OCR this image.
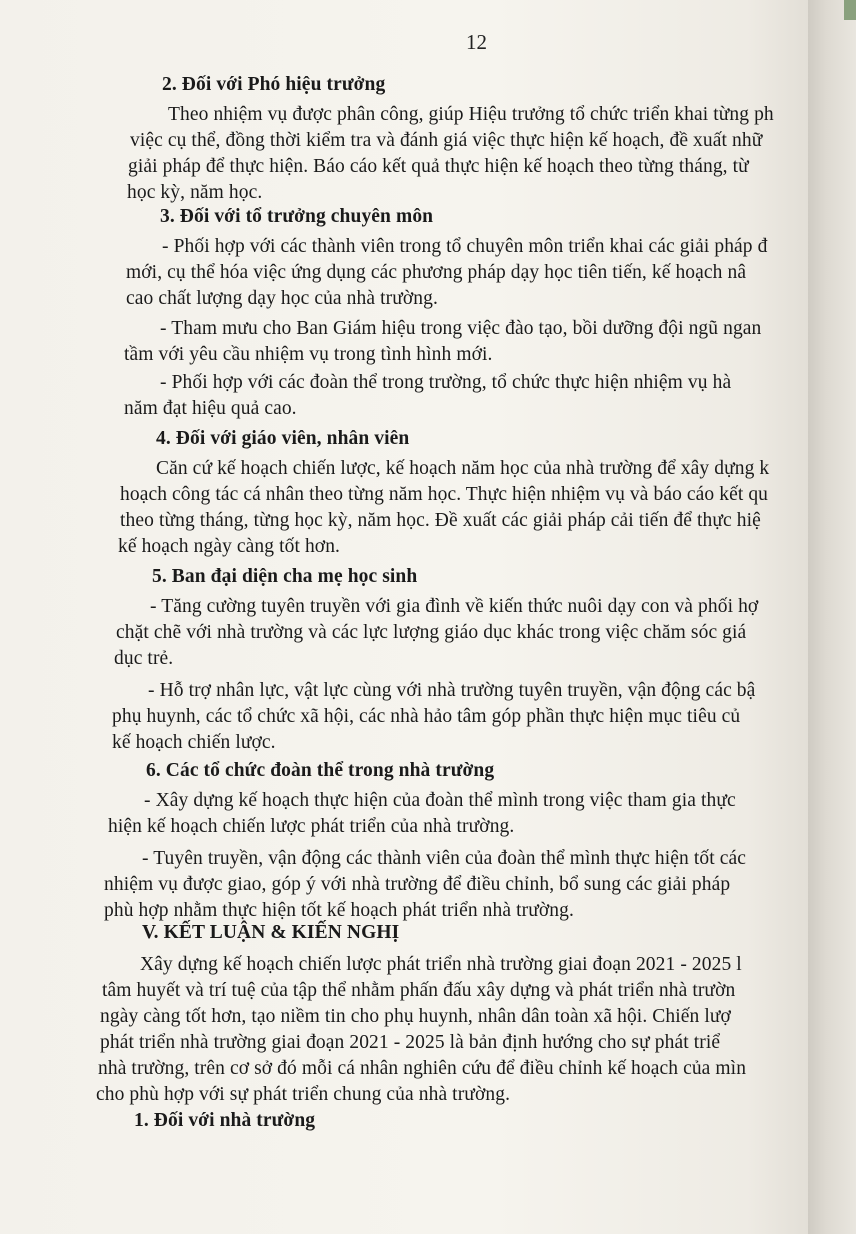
12
2. Đối với Phó hiệu trưởng
Theo nhiệm vụ được phân công, giúp Hiệu trưởng tổ chức triển khai từng ph
việc cụ thể, đồng thời kiểm tra và đánh giá việc thực hiện kế hoạch, đề xuất nhữ
giải pháp để thực hiện. Báo cáo kết quả thực hiện kế hoạch theo từng tháng, từ
học kỳ, năm học.
3. Đối với tổ trưởng chuyên môn
- Phối hợp với các thành viên trong tổ chuyên môn triển khai các giải pháp đ
mới, cụ thể hóa việc ứng dụng các phương pháp dạy học tiên tiến, kế hoạch nâ
cao chất lượng dạy học của nhà trường.
- Tham mưu cho Ban Giám hiệu trong việc đào tạo, bồi dưỡng đội ngũ ngan
tầm với yêu cầu nhiệm vụ trong tình hình mới.
- Phối hợp với các đoàn thể trong trường, tổ chức thực hiện nhiệm vụ hà
năm đạt hiệu quả cao.
4. Đối với giáo viên, nhân viên
Căn cứ kế hoạch chiến lược, kế hoạch năm học của nhà trường để xây dựng k
hoạch công tác cá nhân theo từng năm học. Thực hiện nhiệm vụ và báo cáo kết qu
theo từng tháng, từng học kỳ, năm học. Đề xuất các giải pháp cải tiến để thực hiệ
kế hoạch ngày càng tốt hơn.
5. Ban đại diện cha mẹ học sinh
- Tăng cường tuyên truyền với gia đình về kiến thức nuôi dạy con và phối hợ
chặt chẽ với nhà trường và các lực lượng giáo dục khác trong việc chăm sóc giá
dục trẻ.
- Hỗ trợ nhân lực, vật lực cùng với nhà trường tuyên truyền, vận động các bậ
phụ huynh, các tổ chức xã hội, các nhà hảo tâm góp phần thực hiện mục tiêu củ
kế hoạch chiến lược.
6. Các tổ chức đoàn thể trong nhà trường
- Xây dựng kế hoạch thực hiện của đoàn thể mình trong việc tham gia thực
hiện kế hoạch chiến lược phát triển của nhà trường.
- Tuyên truyền, vận động các thành viên của đoàn thể mình thực hiện tốt các
nhiệm vụ được giao, góp ý với nhà trường để điều chỉnh, bổ sung các giải pháp
phù hợp nhằm thực hiện tốt kế hoạch phát triển nhà trường.
V. KẾT LUẬN & KIẾN NGHỊ
Xây dựng kế hoạch chiến lược phát triển nhà trường giai đoạn 2021 - 2025 l
tâm huyết và trí tuệ của tập thể nhằm phấn đấu xây dựng và phát triển nhà trườn
ngày càng tốt hơn, tạo niềm tin cho phụ huynh, nhân dân toàn xã hội. Chiến lượ
phát triển nhà trường giai đoạn 2021 - 2025 là bản định hướng cho sự phát triể
nhà trường, trên cơ sở đó mỗi cá nhân nghiên cứu để điều chỉnh kế hoạch của mìn
cho phù hợp với sự phát triển chung của nhà trường.
1. Đối với nhà trường
